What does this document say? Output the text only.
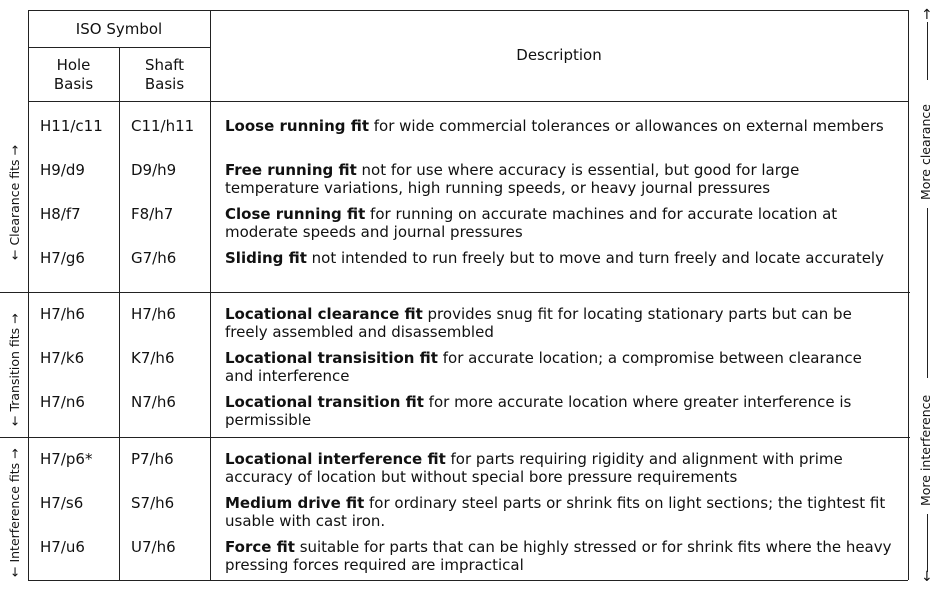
ISO Symbol
Hole
Basis
Shaft
Basis
Description
← Clearance fits →
← Transition fits →
← Interference fits →
↑
More clearance
More interference
↓
H11/c11 C11/h11 Loose running fit for wide commercial tolerances or allowances on external members
H9/d9	D9/h9	Free running fit not for use where accuracy is essential, but good for large temperature variations, high running speeds, or heavy journal pressures
H8/f7	F8/h7	Close running fit for running on accurate machines and for accurate location at moderate speeds and journal pressures
H7/g6	G7/h6	Sliding fit not intended to run freely but to move and turn freely and locate accurately
H7/h6	H7/h6	Locational clearance fit provides snug fit for locating stationary parts but can be freely assembled and disassembled
H7/k6	K7/h6	Locational transisition fit for accurate location; a compromise between clearance and interference
H7/n6	N7/h6	Locational transition fit for more accurate location where greater interference is permissible
H7/p6*	P7/h6	Locational interference fit for parts requiring rigidity and alignment with prime accuracy of location but without special bore pressure requirements
H7/s6	S7/h6	Medium drive fit for ordinary steel parts or shrink fits on light sections; the tightest fit usable with cast iron.
H7/u6	U7/h6	Force fit suitable for parts that can be highly stressed or for shrink fits where the heavy pressing forces required are impractical
